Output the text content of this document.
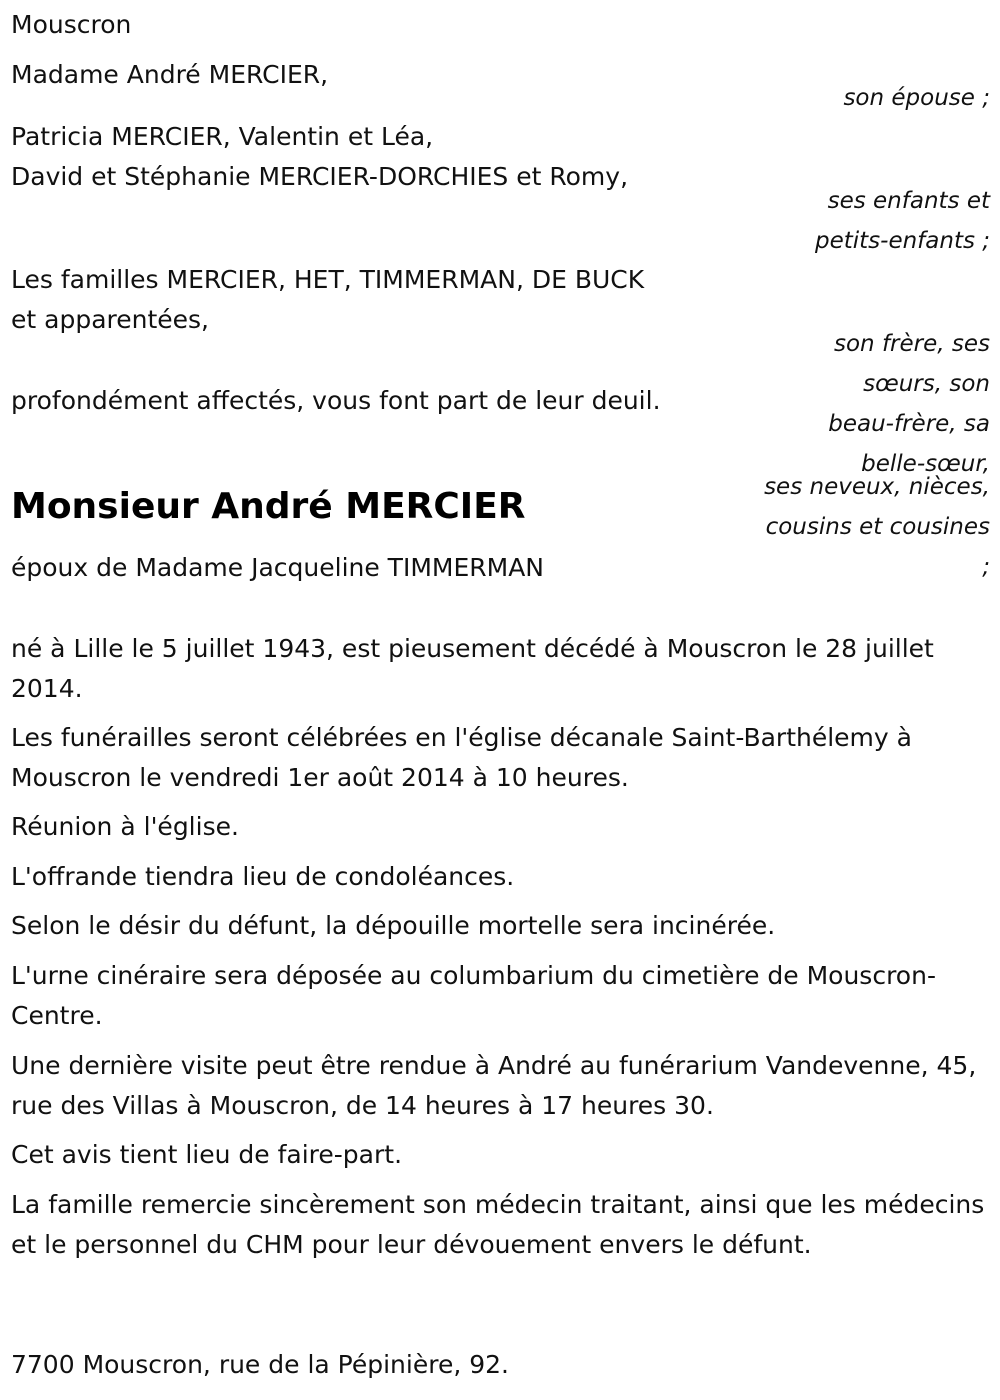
Mouscron

Madame André MERCIER,

son épouse ;

Patricia MERCIER, Valentin et Léa,

David et Stéphanie MERCIER-DORCHIES et Romy,

ses enfants et
petits-enfants ;

Les familles MERCIER, HET, TIMMERMAN, DE BUCK

et apparentées,

son frère, ses
sœurs, son
beau-frère, sa
belle-sœur,

profondément affectés, vous font part de leur deuil.

Monsieur André MERCIER	ses neveux, nièces,
cousins et cousines
;

époux de Madame Jacqueline TIMMERMAN

né à Lille le 5 juillet 1943, est pieusement décédé à Mouscron le 28 juillet 2014.

Les funérailles seront célébrées en l'église décanale Saint-Barthélemy à Mouscron le vendredi 1er août 2014 à 10 heures.

Réunion à l'église.

L'offrande tiendra lieu de condoléances.

Selon le désir du défunt, la dépouille mortelle sera incinérée.

L'urne cinéraire sera déposée au columbarium du cimetière de Mouscron-Centre.

Une dernière visite peut être rendue à André au funérarium Vandevenne, 45, rue des Villas à Mouscron, de 14 heures à 17 heures 30.

Cet avis tient lieu de faire-part.

La famille remercie sincèrement son médecin traitant, ainsi que les médecins et le personnel du CHM pour leur dévouement envers le défunt.

7700 Mouscron, rue de la Pépinière, 92.
